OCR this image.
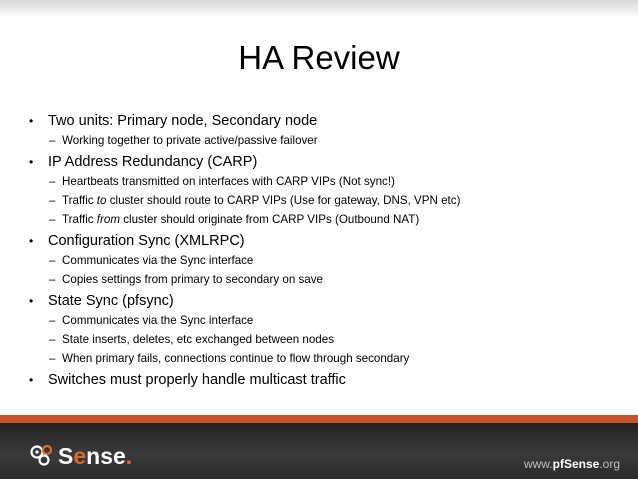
HA Review
• Two units: Primary node, Secondary node
– Working together to private active/passive failover
• IP Address Redundancy (CARP)
– Heartbeats transmitted on interfaces with CARP VIPs (Not sync!)
– Traffic to cluster should route to CARP VIPs (Use for gateway, DNS, VPN etc)
– Traffic from cluster should originate from CARP VIPs (Outbound NAT)
• Configuration Sync (XMLRPC)
– Communicates via the Sync interface
– Copies settings from primary to secondary on save
• State Sync (pfsync)
– Communicates via the Sync interface
– State inserts, deletes, etc exchanged between nodes
– When primary fails, connections continue to flow through secondary
• Switches must properly handle multicast traffic
Sense.	www.pfSense.org
